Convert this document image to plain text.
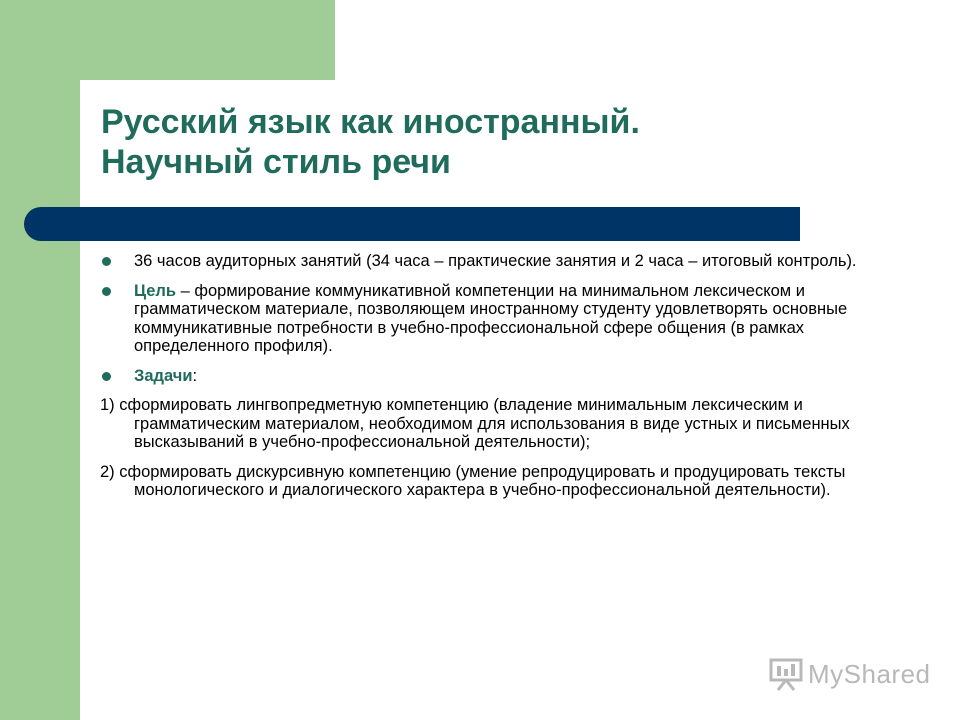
Русский язык как иностранный.
Научный стиль речи
36 часов аудиторных занятий (34 часа – практические занятия и 2 часа – итоговый контроль).
Цель – формирование коммуникативной компетенции на минимальном лексическом и грамматическом материале, позволяющем иностранному студенту удовлетворять основные коммуникативные потребности в учебно-профессиональной сфере общения (в рамках определенного профиля).
Задачи:
1) сформировать лингвопредметную компетенцию (владение минимальным лексическим и грамматическим материалом, необходимом для использования в виде устных и письменных высказываний в учебно-профессиональной деятельности);
2) сформировать дискурсивную компетенцию (умение репродуцировать и продуцировать тексты монологического и диалогического характера в учебно-профессиональной деятельности).
MyShared
